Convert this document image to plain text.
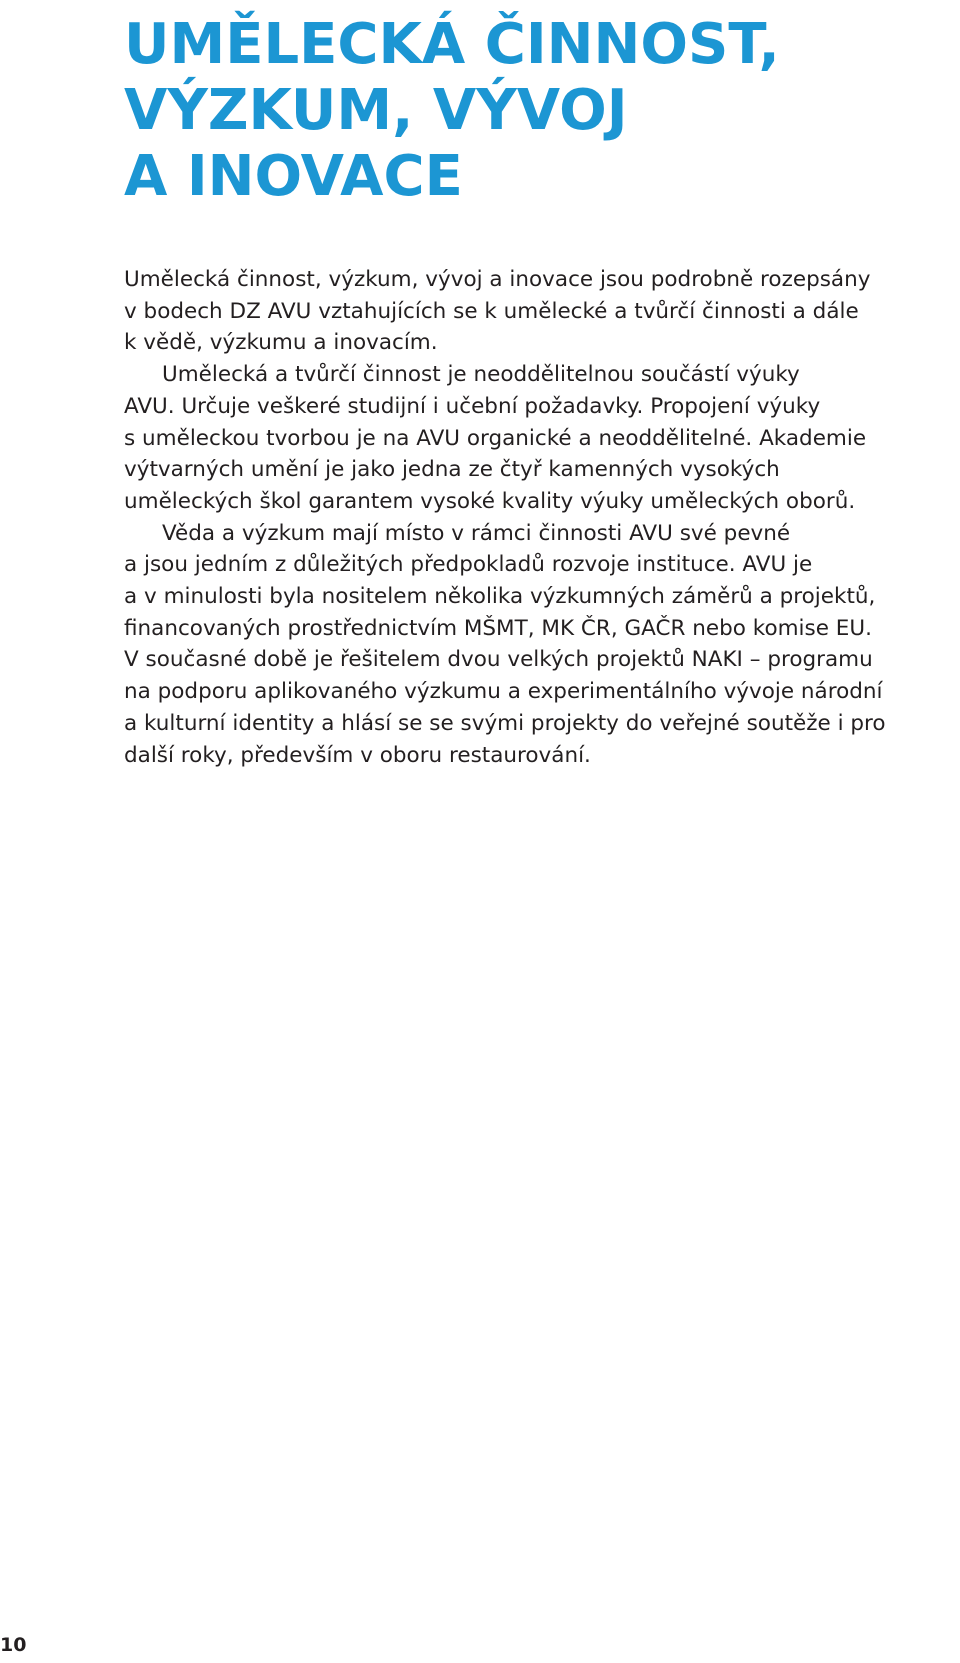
UMĚLECKÁ ČINNOST,
VÝZKUM, VÝVOJ
A INOVACE

Umělecká činnost, výzkum, vývoj a inovace jsou podrobně rozepsány
v bodech DZ AVU vztahujících se k umělecké a tvůrčí činnosti a dále
k vědě, výzkumu a inovacím.

Umělecká a tvůrčí činnost je neoddělitelnou součástí výuky
AVU. Určuje veškeré studijní i učební požadavky. Propojení výuky
s uměleckou tvorbou je na AVU organické a neoddělitelné. Akademie
výtvarných umění je jako jedna ze čtyř kamenných vysokých
uměleckých škol garantem vysoké kvality výuky uměleckých oborů.

Věda a výzkum mají místo v rámci činnosti AVU své pevné
a jsou jedním z důležitých předpokladů rozvoje instituce. AVU je
a v minulosti byla nositelem několika výzkumných záměrů a projektů,
financovaných prostřednictvím MŠMT, MK ČR, GAČR nebo komise EU.
V současné době je řešitelem dvou velkých projektů NAKI – programu
na podporu aplikovaného výzkumu a experimentálního vývoje národní
a kulturní identity a hlásí se se svými projekty do veřejné soutěže i pro
další roky, především v oboru restaurování.

10
